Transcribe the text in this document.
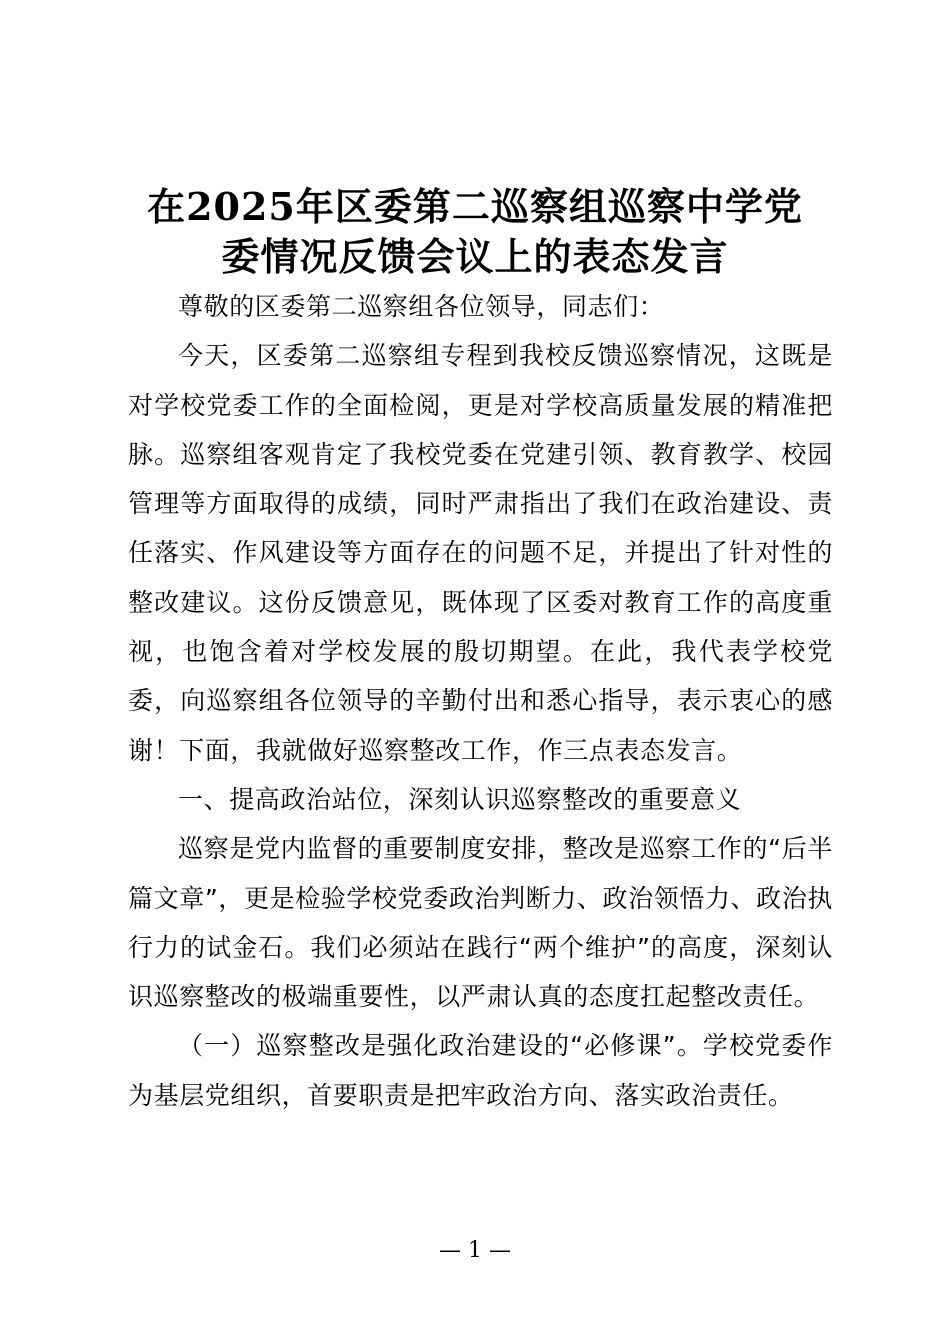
在2025年区委第二巡察组巡察中学党
委情况反馈会议上的表态发言

尊敬的区委第二巡察组各位领导，同志们：

今天，区委第二巡察组专程到我校反馈巡察情况，这既是对学校党委工作的全面检阅，更是对学校高质量发展的精准把脉。巡察组客观肯定了我校党委在党建引领、教育教学、校园管理等方面取得的成绩，同时严肃指出了我们在政治建设、责任落实、作风建设等方面存在的问题不足，并提出了针对性的整改建议。这份反馈意见，既体现了区委对教育工作的高度重视，也饱含着对学校发展的殷切期望。在此，我代表学校党委，向巡察组各位领导的辛勤付出和悉心指导，表示衷心的感谢！下面，我就做好巡察整改工作，作三点表态发言。

一、提高政治站位，深刻认识巡察整改的重要意义

巡察是党内监督的重要制度安排，整改是巡察工作的“后半篇文章”，更是检验学校党委政治判断力、政治领悟力、政治执行力的试金石。我们必须站在践行“两个维护”的高度，深刻认识巡察整改的极端重要性，以严肃认真的态度扛起整改责任。

（一）巡察整改是强化政治建设的“必修课”。学校党委作为基层党组织，首要职责是把牢政治方向、落实政治责任。

— 1 —
